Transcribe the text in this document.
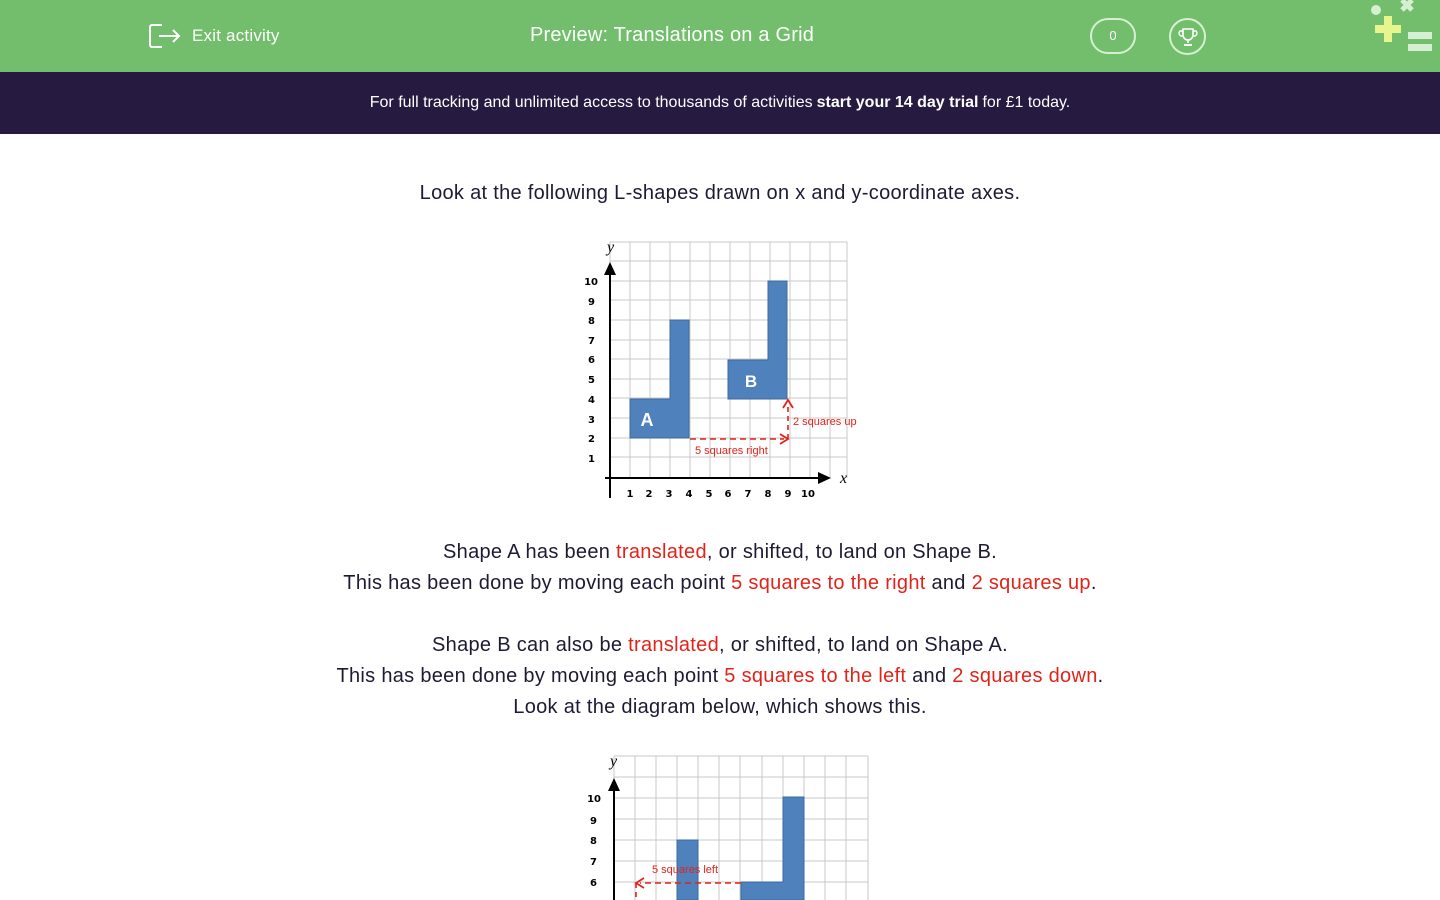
Exit activity	Preview: Translations on a Grid	0
For full tracking and unlimited access to thousands of activities start your 14 day trial for £1 today.
Look at the following L-shapes drawn on x and y-coordinate axes.
Shape A has been translated, or shifted, to land on Shape B.
This has been done by moving each point 5 squares to the right and 2 squares up.
Shape B can also be translated, or shifted, to land on Shape A.
This has been done by moving each point 5 squares to the left and 2 squares down.
Look at the diagram below, which shows this.
A
B
x
y
1
2
3
4
5
6
7
8
9
10
1 2 3 4 5 6 7 8 9 10
5 squares right
2 squares up
y
6
7
8
9
10
5 squares left
